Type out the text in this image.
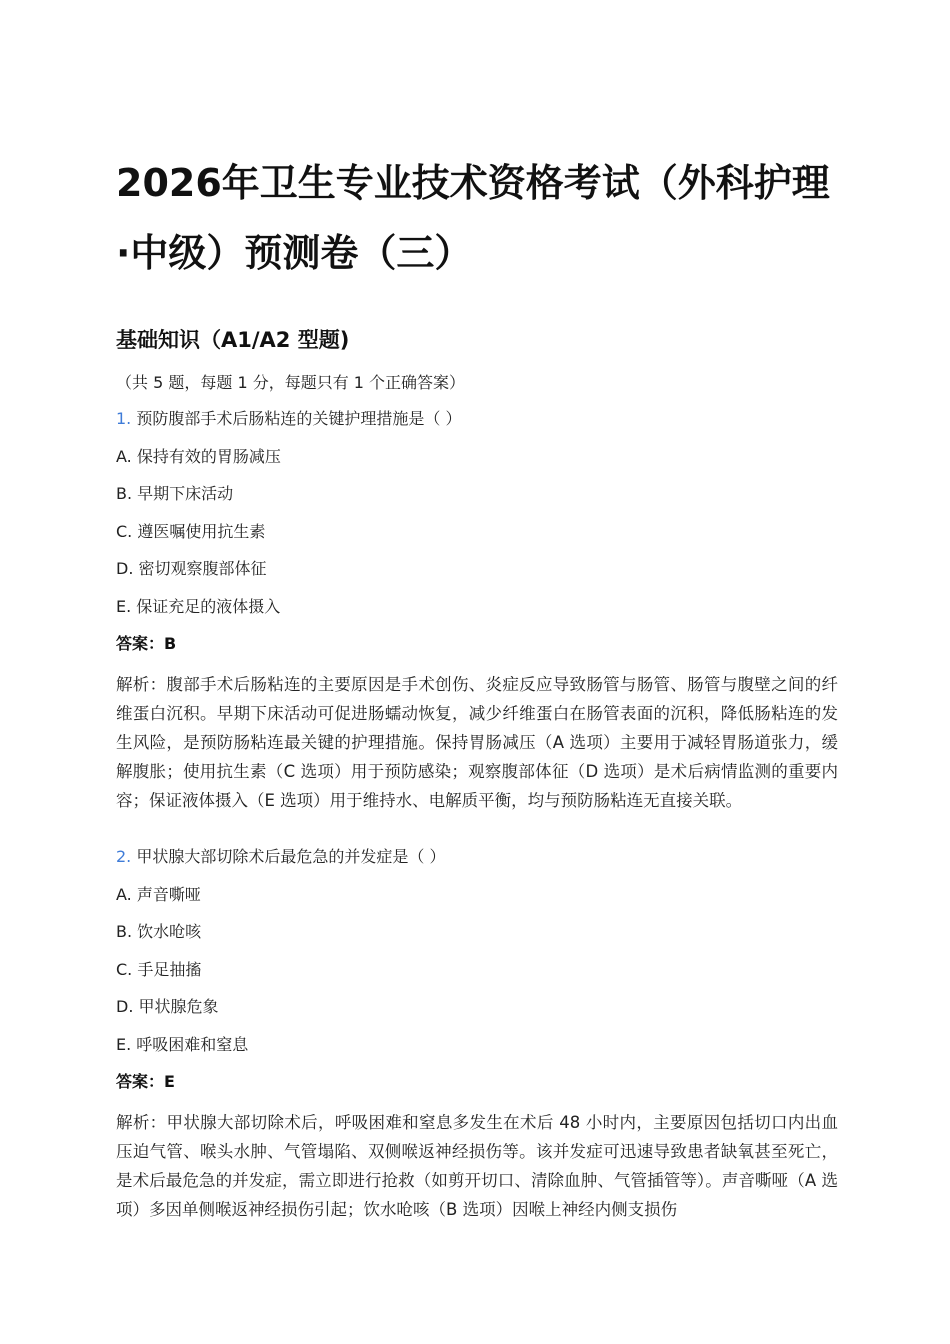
2026年卫生专业技术资格考试（外科护理·中级）预测卷（三）
基础知识（A1/A2 型题)

（共 5 题，每题 1 分，每题只有 1 个正确答案）

1. 预防腹部手术后肠粘连的关键护理措施是（ ）
A. 保持有效的胃肠减压
B. 早期下床活动
C. 遵医嘱使用抗生素
D. 密切观察腹部体征
E. 保证充足的液体摄入
答案：B

解析：腹部手术后肠粘连的主要原因是手术创伤、炎症反应导致肠管与肠管、肠管与腹壁之间的纤维蛋白沉积。早期下床活动可促进肠蠕动恢复，减少纤维蛋白在肠管表面的沉积，降低肠粘连的发生风险，是预防肠粘连最关键的护理措施。保持胃肠减压（A 选项）主要用于减轻胃肠道张力，缓解腹胀；使用抗生素（C 选项）用于预防感染；观察腹部体征（D 选项）是术后病情监测的重要内容；保证液体摄入（E 选项）用于维持水、电解质平衡，均与预防肠粘连无直接关联。

2. 甲状腺大部切除术后最危急的并发症是（ ）
A. 声音嘶哑
B. 饮水呛咳
C. 手足抽搐
D. 甲状腺危象
E. 呼吸困难和窒息
答案：E

解析：甲状腺大部切除术后，呼吸困难和窒息多发生在术后 48 小时内，主要原因包括切口内出血压迫气管、喉头水肿、气管塌陷、双侧喉返神经损伤等。该并发症可迅速导致患者缺氧甚至死亡，是术后最危急的并发症，需立即进行抢救（如剪开切口、清除血肿、气管插管等）。声音嘶哑（A 选项）多因单侧喉返神经损伤引起；饮水呛咳（B 选项）因喉上神经内侧支损伤
